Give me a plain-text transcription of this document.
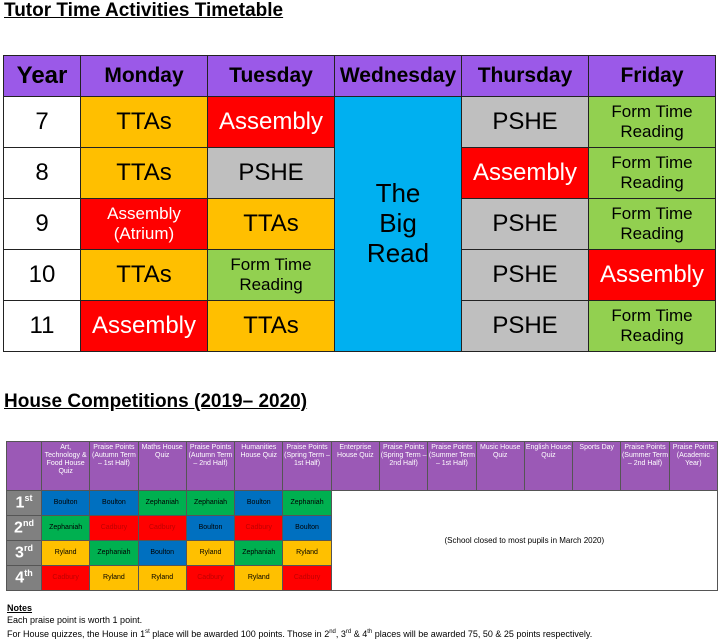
Tutor Time Activities Timetable
Year	Monday	Tuesday	Wednesday	Thursday	Friday
7	TTAs	Assembly	The Big Read	PSHE	Form Time Reading
8	TTAs	PSHE		Assembly	Form Time Reading
9	Assembly (Atrium)	TTAs		PSHE	Form Time Reading
10	TTAs	Form Time Reading		PSHE	Assembly
11	Assembly	TTAs		PSHE	Form Time Reading
House Competitions (2019– 2020)
	Art, Technology & Food House Quiz	Praise Points (Autumn Term – 1st Half)	Maths House Quiz	Praise Points (Autumn Term – 2nd Half)	Humanities House Quiz	Praise Points (Spring Term – 1st Half)	Enterprise House Quiz	Praise Points (Spring Term – 2nd Half)	Praise Points (Summer Term – 1st Half)	Music House Quiz	English House Quiz	Sports Day	Praise Points (Summer Term – 2nd Half)	Praise Points (Academic Year)
1st	Boulton	Boulton	Zephaniah	Zephaniah	Boulton	Zephaniah	(School closed to most pupils in March 2020)							
2nd	Zephaniah	Cadbury	Cadbury	Boulton	Cadbury	Boulton								
3rd	Ryland	Zephaniah	Boulton	Ryland	Zephaniah	Ryland								
4th	Cadbury	Ryland	Ryland	Cadbury	Ryland	Cadbury								
Notes
Each praise point is worth 1 point.
For House quizzes, the House in 1st place will be awarded 100 points. Those in 2nd, 3rd & 4th places will be awarded 75, 50 & 25 points respectively.
